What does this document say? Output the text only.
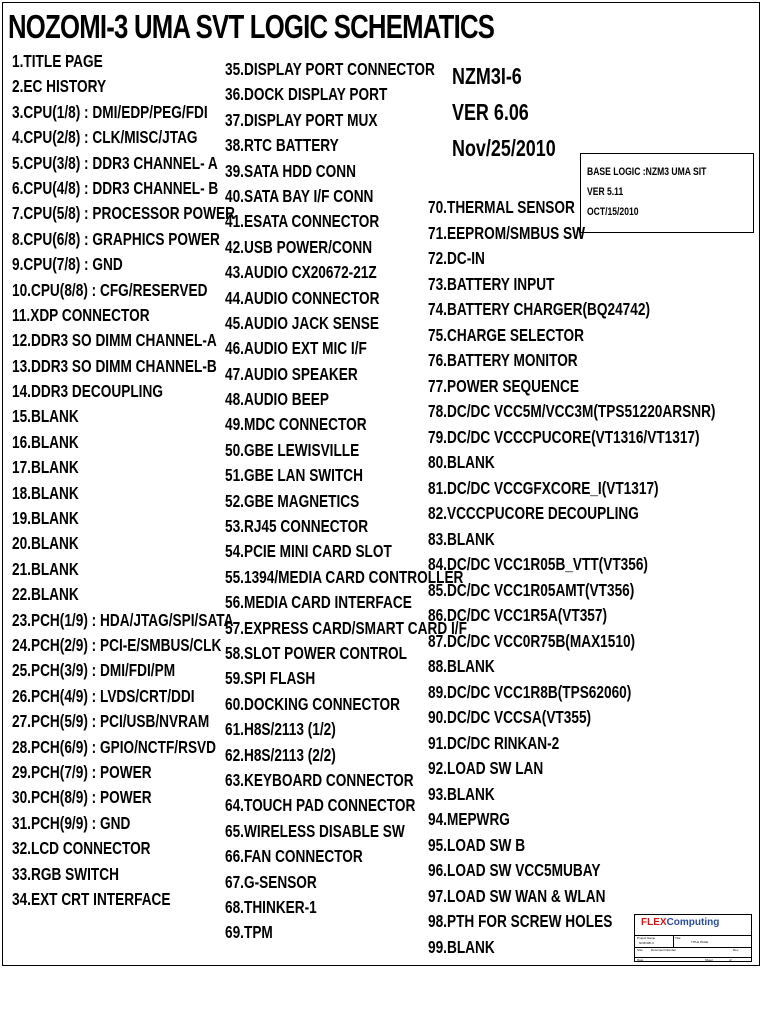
NOZOMI-3 UMA SVT LOGIC SCHEMATICS
1.TITLE PAGE
2.EC HISTORY
3.CPU(1/8) : DMI/EDP/PEG/FDI
4.CPU(2/8) : CLK/MISC/JTAG
5.CPU(3/8) : DDR3 CHANNEL- A
6.CPU(4/8) : DDR3 CHANNEL- B
7.CPU(5/8) : PROCESSOR POWER
8.CPU(6/8) : GRAPHICS POWER
9.CPU(7/8) : GND
10.CPU(8/8) : CFG/RESERVED
11.XDP CONNECTOR
12.DDR3 SO DIMM CHANNEL-A
13.DDR3 SO DIMM CHANNEL-B
14.DDR3 DECOUPLING
15.BLANK
16.BLANK
17.BLANK
18.BLANK
19.BLANK
20.BLANK
21.BLANK
22.BLANK
23.PCH(1/9) : HDA/JTAG/SPI/SATA
24.PCH(2/9) : PCI-E/SMBUS/CLK
25.PCH(3/9) : DMI/FDI/PM
26.PCH(4/9) : LVDS/CRT/DDI
27.PCH(5/9) : PCI/USB/NVRAM
28.PCH(6/9) : GPIO/NCTF/RSVD
29.PCH(7/9) : POWER
30.PCH(8/9) : POWER
31.PCH(9/9) : GND
32.LCD CONNECTOR
33.RGB SWITCH
34.EXT CRT INTERFACE
35.DISPLAY PORT CONNECTOR
36.DOCK DISPLAY PORT
37.DISPLAY PORT MUX
38.RTC BATTERY
39.SATA HDD CONN
40.SATA BAY I/F CONN
41.ESATA CONNECTOR
42.USB POWER/CONN
43.AUDIO CX20672-21Z
44.AUDIO CONNECTOR
45.AUDIO JACK SENSE
46.AUDIO EXT MIC I/F
47.AUDIO SPEAKER
48.AUDIO BEEP
49.MDC CONNECTOR
50.GBE LEWISVILLE
51.GBE LAN SWITCH
52.GBE MAGNETICS
53.RJ45 CONNECTOR
54.PCIE MINI CARD SLOT
55.1394/MEDIA CARD CONTROLLER
56.MEDIA CARD INTERFACE
57.EXPRESS CARD/SMART CARD I/F
58.SLOT POWER CONTROL
59.SPI FLASH
60.DOCKING CONNECTOR
61.H8S/2113 (1/2)
62.H8S/2113 (2/2)
63.KEYBOARD CONNECTOR
64.TOUCH PAD CONNECTOR
65.WIRELESS DISABLE SW
66.FAN CONNECTOR
67.G-SENSOR
68.THINKER-1
69.TPM
70.THERMAL SENSOR
71.EEPROM/SMBUS SW
72.DC-IN
73.BATTERY INPUT
74.BATTERY CHARGER(BQ24742)
75.CHARGE SELECTOR
76.BATTERY MONITOR
77.POWER SEQUENCE
78.DC/DC VCC5M/VCC3M(TPS51220ARSNR)
79.DC/DC VCCCPUCORE(VT1316/VT1317)
80.BLANK
81.DC/DC VCCGFXCORE_I(VT1317)
82.VCCCPUCORE DECOUPLING
83.BLANK
84.DC/DC VCC1R05B_VTT(VT356)
85.DC/DC VCC1R05AMT(VT356)
86.DC/DC VCC1R5A(VT357)
87.DC/DC VCC0R75B(MAX1510)
88.BLANK
89.DC/DC VCC1R8B(TPS62060)
90.DC/DC VCCSA(VT355)
91.DC/DC RINKAN-2
92.LOAD SW LAN
93.BLANK
94.MEPWRG
95.LOAD SW B
96.LOAD SW VCC5MUBAY
97.LOAD SW WAN & WLAN
98.PTH FOR SCREW HOLES
99.BLANK
NZM3I-6
VER 6.06
Nov/25/2010
BASE LOGIC :NZM3 UMA SIT
VER 5.11
OCT/15/2010
FLEXComputing
Project Name
NOZOMI-3
Title
TITLE PAGE
Size	Document Number	Rev
Date	Sheet	of
